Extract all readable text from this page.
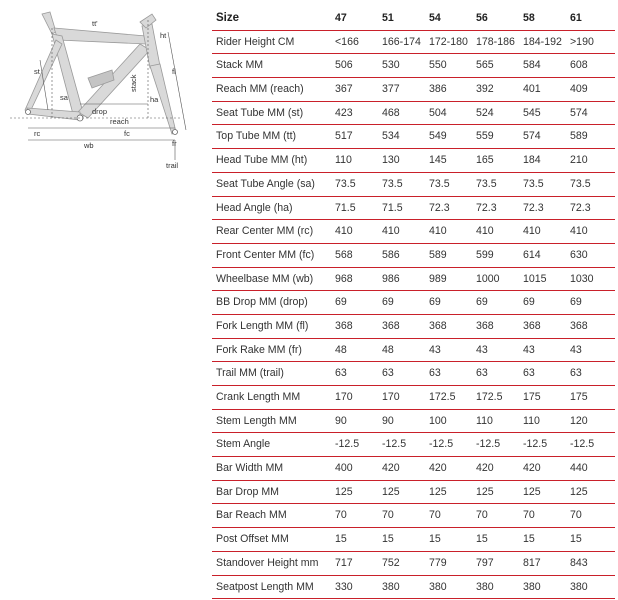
tt'
ht
st	fl
stack
sa	ha
drop
reach
rc	fc
wb	fr
trail
Size	47	51	54	56	58	61
Rider Height CM	<166	166-174	172-180	178-186	184-192	>190
Stack MM	506	530	550	565	584	608
Reach MM (reach)	367	377	386	392	401	409
Seat Tube MM (st)	423	468	504	524	545	574
Top Tube MM (tt)	517	534	549	559	574	589
Head Tube MM (ht)	110	130	145	165	184	210
Seat Tube Angle (sa)	73.5	73.5	73.5	73.5	73.5	73.5
Head Angle (ha)	71.5	71.5	72.3	72.3	72.3	72.3
Rear Center MM (rc)	410	410	410	410	410	410
Front Center MM (fc)	568	586	589	599	614	630
Wheelbase MM (wb)	968	986	989	1000	1015	1030
BB Drop MM (drop)	69	69	69	69	69	69
Fork Length MM (fl)	368	368	368	368	368	368
Fork Rake MM (fr)	48	48	43	43	43	43
Trail MM (trail)	63	63	63	63	63	63
Crank Length MM	170	170	172.5	172.5	175	175
Stem Length MM	90	90	100	110	110	120
Stem Angle	-12.5	-12.5	-12.5	-12.5	-12.5	-12.5
Bar Width MM	400	420	420	420	420	440
Bar Drop MM	125	125	125	125	125	125
Bar Reach MM	70	70	70	70	70	70
Post Offset MM	15	15	15	15	15	15
Standover Height mm	717	752	779	797	817	843
Seatpost Length MM	330	380	380	380	380	380
